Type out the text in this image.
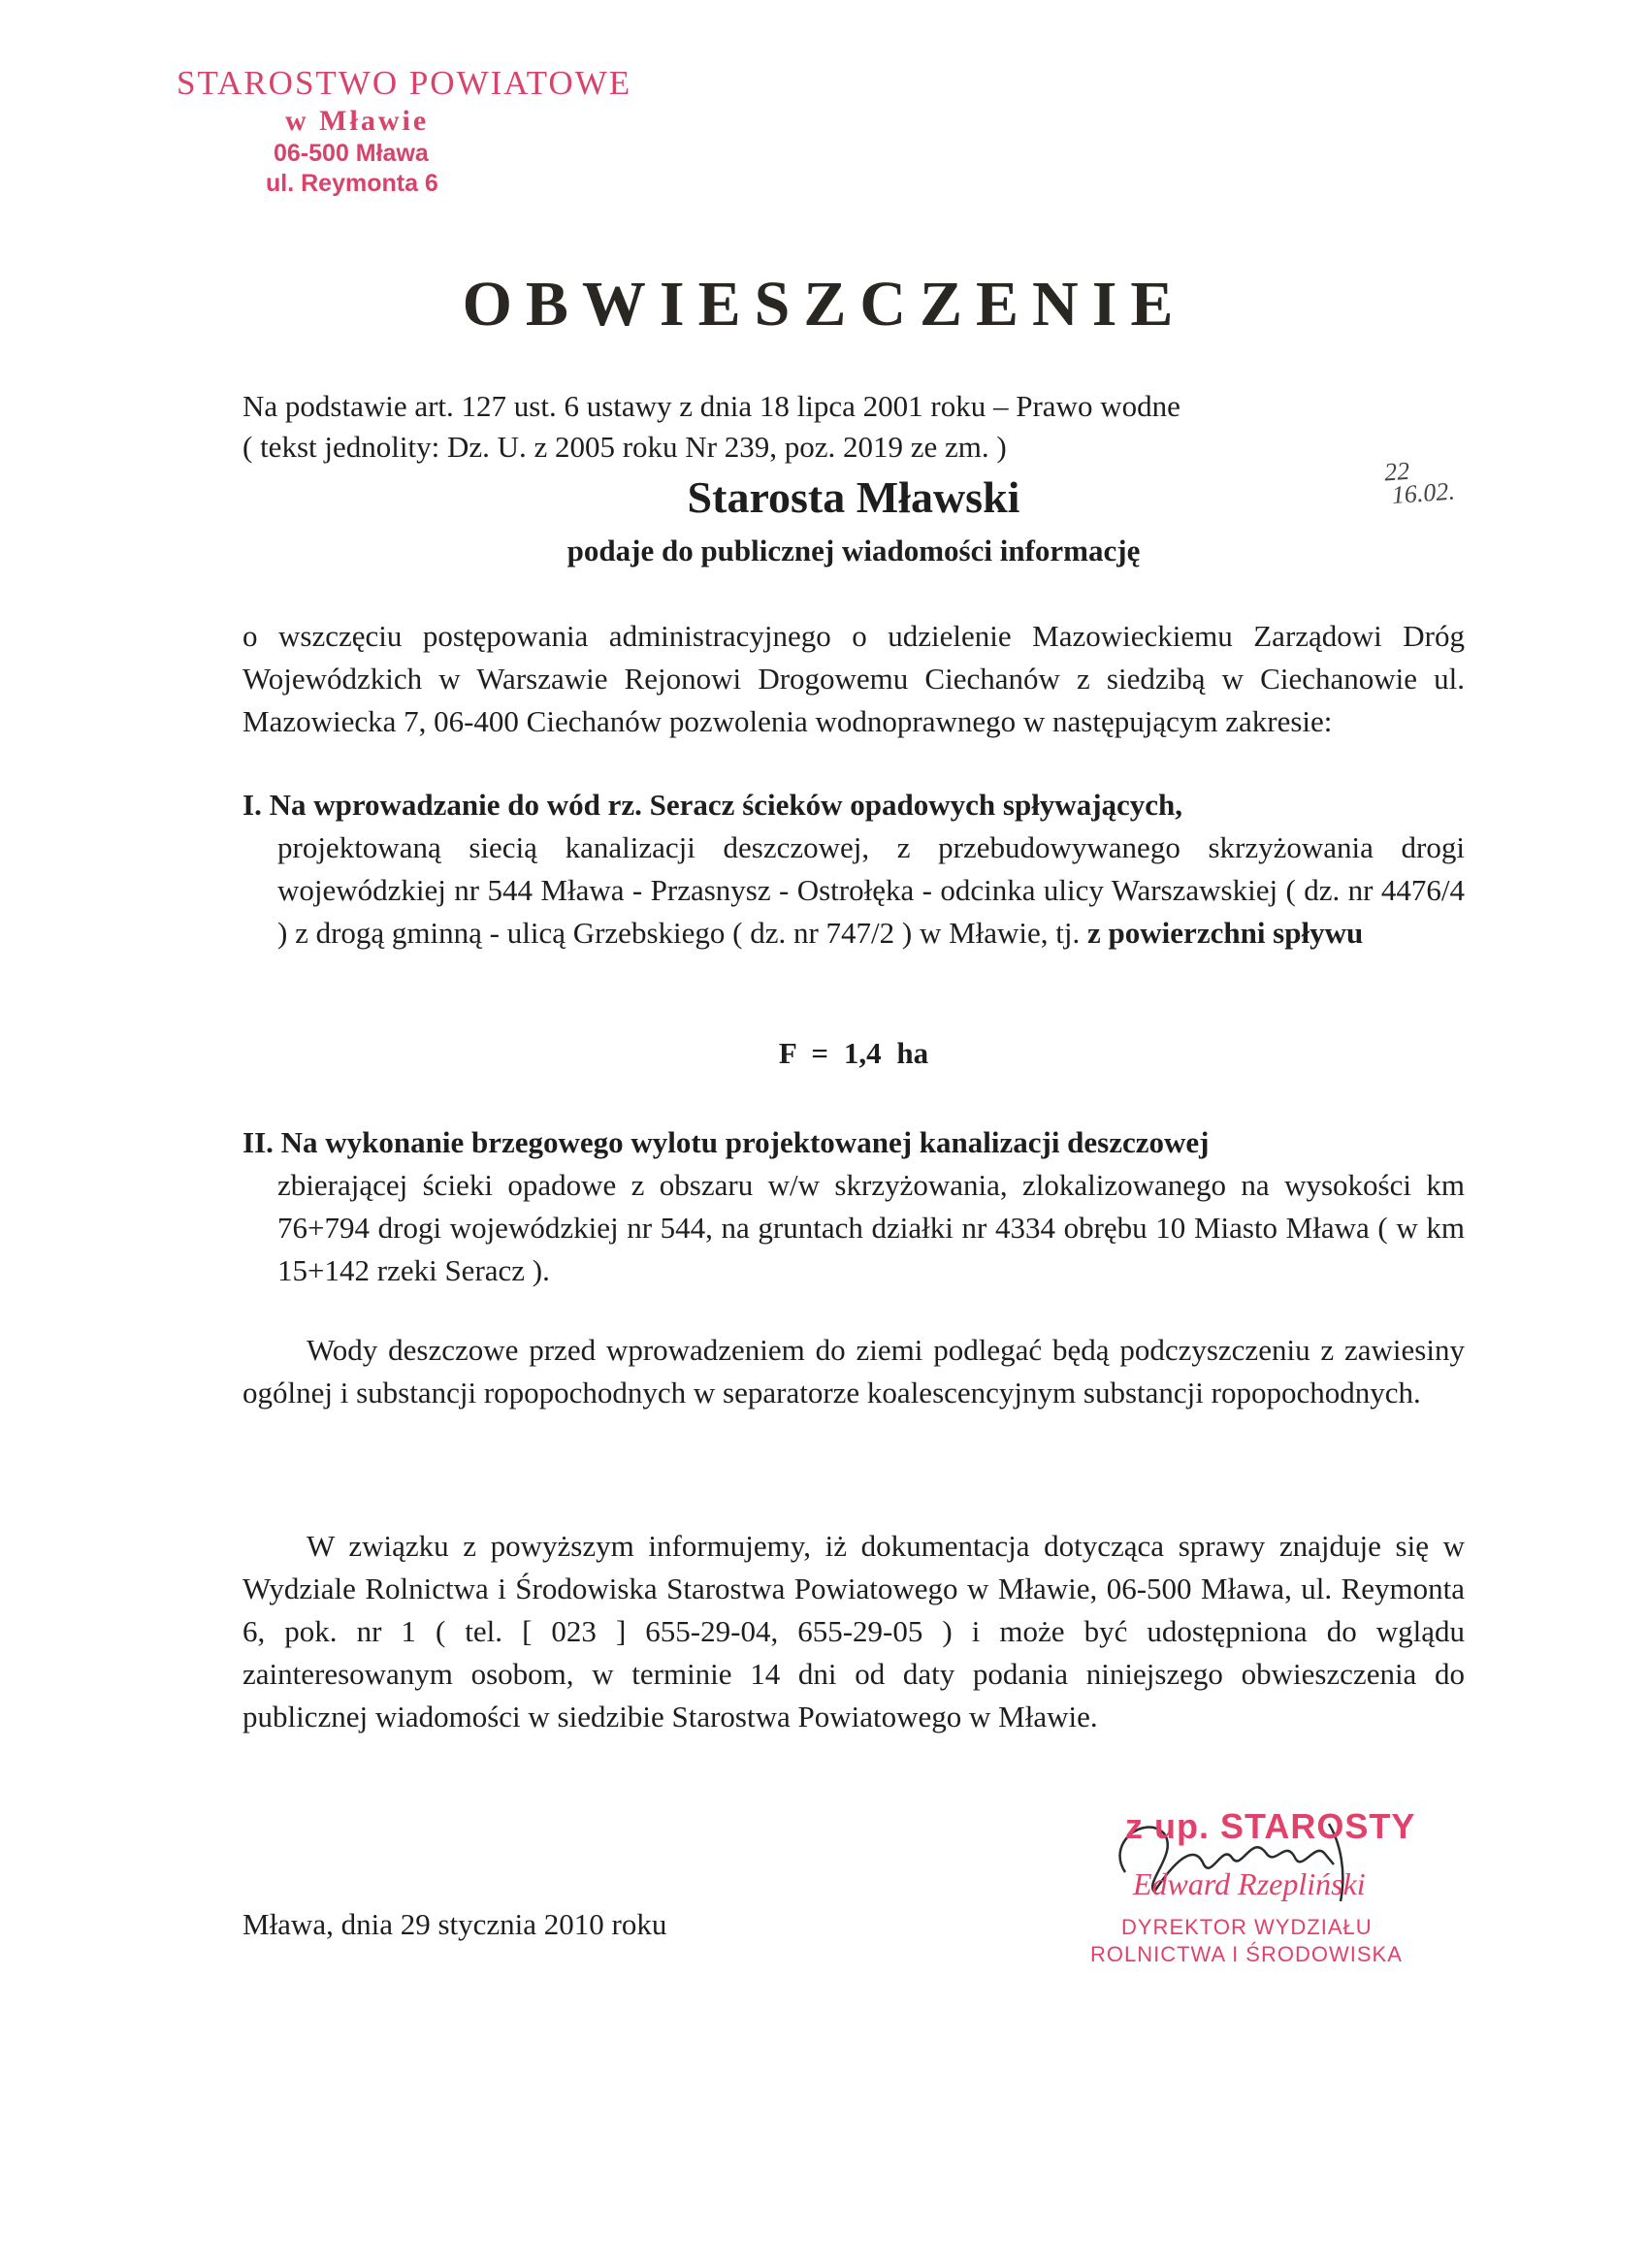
STAROSTWO POWIATOWE
w Mławie
06-500 Mława
ul. Reymonta 6
OBWIESZCZENIE
Na podstawie art. 127 ust. 6 ustawy z dnia 18 lipca 2001 roku – Prawo wodne
( tekst jednolity: Dz. U. z 2005 roku Nr 239, poz. 2019 ze zm. )
22
16.02.
Starosta Mławski
podaje do publicznej wiadomości informację
o wszczęciu postępowania administracyjnego o udzielenie Mazowieckiemu Zarządowi Dróg Wojewódzkich w Warszawie Rejonowi Drogowemu Ciechanów z siedzibą w Ciechanowie ul. Mazowiecka 7, 06-400 Ciechanów pozwolenia wodnoprawnego w następującym zakresie:
I. Na wprowadzanie do wód rz. Seracz ścieków opadowych spływających,
projektowaną siecią kanalizacji deszczowej, z przebudowywanego skrzyżowania drogi wojewódzkiej nr 544 Mława - Przasnysz - Ostrołęka - odcinka ulicy Warszawskiej ( dz. nr 4476/4 ) z drogą gminną - ulicą Grzebskiego ( dz. nr 747/2 ) w Mławie, tj. z powierzchni spływu
F = 1,4 ha
II. Na wykonanie brzegowego wylotu projektowanej kanalizacji deszczowej
zbierającej ścieki opadowe z obszaru w/w skrzyżowania, zlokalizowanego na wysokości km 76+794 drogi wojewódzkiej nr 544, na gruntach działki nr 4334 obrębu 10 Miasto Mława ( w km 15+142 rzeki Seracz ).
Wody deszczowe przed wprowadzeniem do ziemi podlegać będą podczyszczeniu z zawiesiny ogólnej i substancji ropopochodnych w separatorze koalescencyjnym substancji ropopochodnych.
W związku z powyższym informujemy, iż dokumentacja dotycząca sprawy znajduje się w Wydziale Rolnictwa i Środowiska Starostwa Powiatowego w Mławie, 06-500 Mława, ul. Reymonta 6, pok. nr 1 ( tel. [ 023 ] 655-29-04, 655-29-05 ) i może być udostępniona do wglądu zainteresowanym osobom, w terminie 14 dni od daty podania niniejszego obwieszczenia do publicznej wiadomości w siedzibie Starostwa Powiatowego w Mławie.
Mława, dnia 29 stycznia 2010 roku
z up. STAROSTY
Edward Rzepliński
DYREKTOR WYDZIAŁU
ROLNICTWA I ŚRODOWISKA
